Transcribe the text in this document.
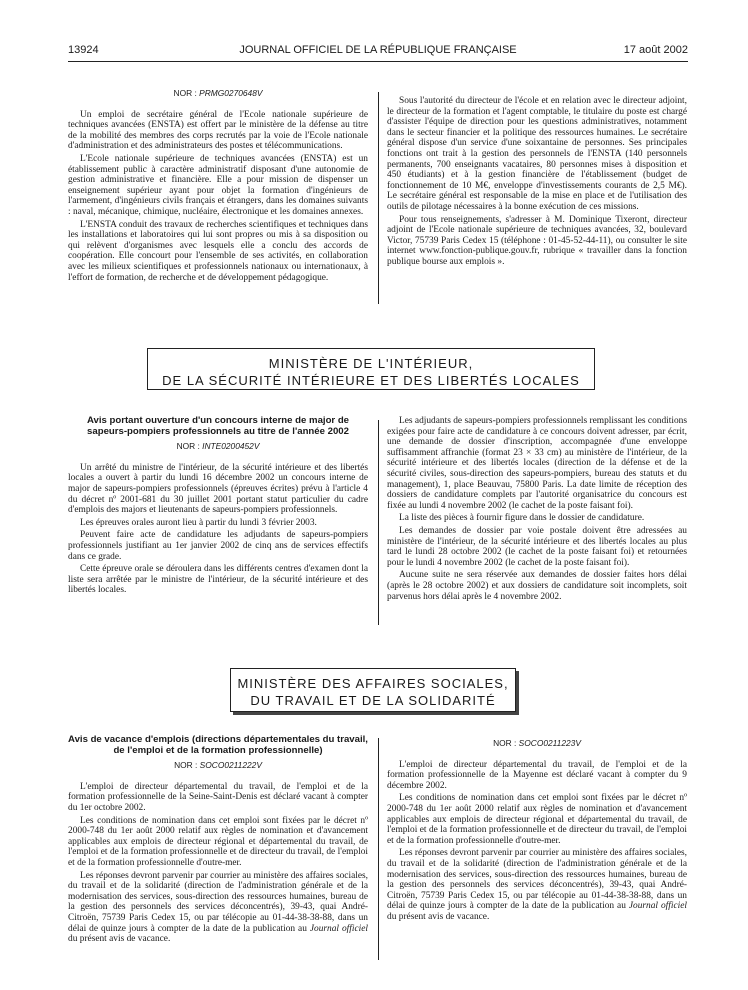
13924	JOURNAL OFFICIEL DE LA RÉPUBLIQUE FRANÇAISE	17 août 2002
NOR : PRMG0270648V

Un emploi de secrétaire général de l'Ecole nationale supérieure de techniques avancées (ENSTA) est offert par le ministère de la défense au titre de la mobilité des membres des corps recrutés par la voie de l'Ecole nationale d'administration et des administrateurs des postes et télécommunications.

L'Ecole nationale supérieure de techniques avancées (ENSTA) est un établissement public à caractère administratif disposant d'une autonomie de gestion administrative et financière. Elle a pour mission de dispenser un enseignement supérieur ayant pour objet la formation d'ingénieurs de l'armement, d'ingénieurs civils français et étrangers, dans les domaines suivants : naval, mécanique, chimique, nucléaire, électronique et les domaines annexes.

L'ENSTA conduit des travaux de recherches scientifiques et techniques dans les installations et laboratoires qui lui sont propres ou mis à sa disposition ou qui relèvent d'organismes avec lesquels elle a conclu des accords de coopération. Elle concourt pour l'ensemble de ses activités, en collaboration avec les milieux scientifiques et professionnels nationaux ou internationaux, à l'effort de formation, de recherche et de développement pédagogique.

Sous l'autorité du directeur de l'école et en relation avec le directeur adjoint, le directeur de la formation et l'agent comptable, le titulaire du poste est chargé d'assister l'équipe de direction pour les questions administratives, notamment dans le secteur financier et la politique des ressources humaines. Le secrétaire général dispose d'un service d'une soixantaine de personnes. Ses principales fonctions ont trait à la gestion des personnels de l'ENSTA (140 personnels permanents, 700 enseignants vacataires, 80 personnes mises à disposition et 450 étudiants) et à la gestion financière de l'établissement (budget de fonctionnement de 10 M€, enveloppe d'investissements courants de 2,5 M€). Le secrétaire général est responsable de la mise en place et de l'utilisation des outils de pilotage nécessaires à la bonne exécution de ces missions.

Pour tous renseignements, s'adresser à M. Dominique Tixeront, directeur adjoint de l'Ecole nationale supérieure de techniques avancées, 32, boulevard Victor, 75739 Paris Cedex 15 (téléphone : 01-45-52-44-11), ou consulter le site internet www.fonction-publique.gouv.fr, rubrique « travailler dans la fonction publique bourse aux emplois ».

MINISTÈRE DE L'INTÉRIEUR,
DE LA SÉCURITÉ INTÉRIEURE ET DES LIBERTÉS LOCALES
Avis portant ouverture d'un concours interne de major de sapeurs-pompiers professionnels au titre de l'année 2002
NOR : INTE0200452V

Un arrêté du ministre de l'intérieur, de la sécurité intérieure et des libertés locales a ouvert à partir du lundi 16 décembre 2002 un concours interne de major de sapeurs-pompiers professionnels (épreuves écrites) prévu à l'article 4 du décret nº 2001-681 du 30 juillet 2001 portant statut particulier du cadre d'emplois des majors et lieutenants de sapeurs-pompiers professionnels.

Les épreuves orales auront lieu à partir du lundi 3 février 2003.

Peuvent faire acte de candidature les adjudants de sapeurs-pompiers professionnels justifiant au 1er janvier 2002 de cinq ans de services effectifs dans ce grade.

Cette épreuve orale se déroulera dans les différents centres d'examen dont la liste sera arrêtée par le ministre de l'intérieur, de la sécurité intérieure et des libertés locales.

Les adjudants de sapeurs-pompiers professionnels remplissant les conditions exigées pour faire acte de candidature à ce concours doivent adresser, par écrit, une demande de dossier d'inscription, accompagnée d'une enveloppe suffisamment affranchie (format 23 × 33 cm) au ministère de l'intérieur, de la sécurité intérieure et des libertés locales (direction de la défense et de la sécurité civiles, sous-direction des sapeurs-pompiers, bureau des statuts et du management), 1, place Beauvau, 75800 Paris. La date limite de réception des dossiers de candidature complets par l'autorité organisatrice du concours est fixée au lundi 4 novembre 2002 (le cachet de la poste faisant foi).

La liste des pièces à fournir figure dans le dossier de candidature.

Les demandes de dossier par voie postale doivent être adressées au ministère de l'intérieur, de la sécurité intérieure et des libertés locales au plus tard le lundi 28 octobre 2002 (le cachet de la poste faisant foi) et retournées pour le lundi 4 novembre 2002 (le cachet de la poste faisant foi).

Aucune suite ne sera réservée aux demandes de dossier faites hors délai (après le 28 octobre 2002) et aux dossiers de candidature soit incomplets, soit parvenus hors délai après le 4 novembre 2002.

MINISTÈRE DES AFFAIRES SOCIALES,
DU TRAVAIL ET DE LA SOLIDARITÉ
Avis de vacance d'emplois (directions départementales du travail, de l'emploi et de la formation professionnelle)
NOR : SOCO0211222V

L'emploi de directeur départemental du travail, de l'emploi et de la formation professionnelle de la Seine-Saint-Denis est déclaré vacant à compter du 1er octobre 2002.

Les conditions de nomination dans cet emploi sont fixées par le décret nº 2000-748 du 1er août 2000 relatif aux règles de nomination et d'avancement applicables aux emplois de directeur régional et départemental du travail, de l'emploi et de la formation professionnelle et de directeur du travail, de l'emploi et de la formation professionnelle d'outre-mer.

Les réponses devront parvenir par courrier au ministère des affaires sociales, du travail et de la solidarité (direction de l'administration générale et de la modernisation des services, sous-direction des ressources humaines, bureau de la gestion des personnels des services déconcentrés), 39-43, quai André-Citroën, 75739 Paris Cedex 15, ou par télécopie au 01-44-38-38-88, dans un délai de quinze jours à compter de la date de la publication au Journal officiel du présent avis de vacance.

NOR : SOCO0211223V

L'emploi de directeur départemental du travail, de l'emploi et de la formation professionnelle de la Mayenne est déclaré vacant à compter du 9 décembre 2002.

Les conditions de nomination dans cet emploi sont fixées par le décret nº 2000-748 du 1er août 2000 relatif aux règles de nomination et d'avancement applicables aux emplois de directeur régional et départemental du travail, de l'emploi et de la formation professionnelle et de directeur du travail, de l'emploi et de la formation professionnelle d'outre-mer.

Les réponses devront parvenir par courrier au ministère des affaires sociales, du travail et de la solidarité (direction de l'administration générale et de la modernisation des services, sous-direction des ressources humaines, bureau de la gestion des personnels des services déconcentrés), 39-43, quai André-Citroën, 75739 Paris Cedex 15, ou par télécopie au 01-44-38-38-88, dans un délai de quinze jours à compter de la date de la publication au Journal officiel du présent avis de vacance.
